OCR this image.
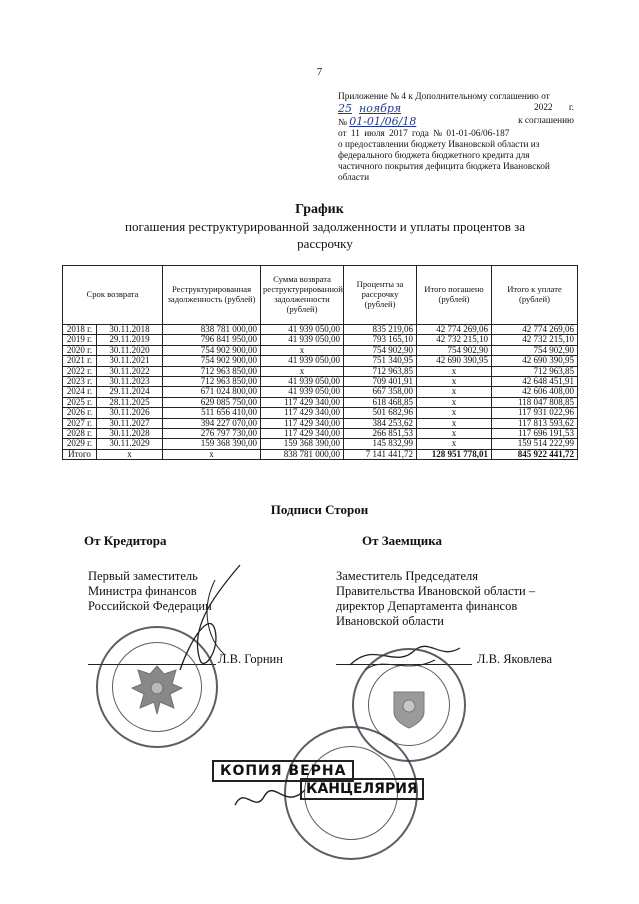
7
Приложение № 4 к Дополнительному соглашению от
25 ноября	2022 г.
№ 01-01/06/18	к соглашению
от 11 июля 2017 года № 01-01-06/06-187
о предоставлении бюджету Ивановской области из
федерального бюджета бюджетного кредита для
частичного покрытия дефицита бюджета Ивановской
области
График
погашения реструктурированной задолженности и уплаты процентов за рассрочку
Срок возврата		Реструктурированная задолженность (рублей)	Сумма возврата реструктурированной задолженности (рублей)	Проценты за рассрочку (рублей)	Итого погашено (рублей)	Итого к уплате (рублей)
2018 г.	30.11.2018	838 781 000,00	41 939 050,00	835 219,06	42 774 269,06	42 774 269,06
2019 г.	29.11.2019	796 841 950,00	41 939 050,00	793 165,10	42 732 215,10	42 732 215,10
2020 г.	30.11.2020	754 902 900,00	x	754 902,90	754 902,90	754 902,90
2021 г.	30.11.2021	754 902 900,00	41 939 050,00	751 340,95	42 690 390,95	42 690 390,95
2022 г.	30.11.2022	712 963 850,00	x	712 963,85	x	712 963,85
2023 г.	30.11.2023	712 963 850,00	41 939 050,00	709 401,91	x	42 648 451,91
2024 г.	29.11.2024	671 024 800,00	41 939 050,00	667 358,00	x	42 606 408,00
2025 г.	28.11.2025	629 085 750,00	117 429 340,00	618 468,85	x	118 047 808,85
2026 г.	30.11.2026	511 656 410,00	117 429 340,00	501 682,96	x	117 931 022,96
2027 г.	30.11.2027	394 227 070,00	117 429 340,00	384 253,62	x	117 813 593,62
2028 г.	30.11.2028	276 797 730,00	117 429 340,00	266 851,53	x	117 696 191,53
2029 г.	30.11.2029	159 368 390,00	159 368 390,00	145 832,99	x	159 514 222,99
Итого	x	x	838 781 000,00	7 141 441,72	128 951 778,01	845 922 441,72
Подписи Сторон
От Кредитора	От Заемщика
Первый заместитель
Министра финансов
Российской Федерации
Заместитель Председателя
Правительства Ивановской области –
директор Департамента финансов
Ивановской области
Л.В. Горнин	Л.В. Яковлева
КОПИЯ ВЕРНА
КАНЦЕЛЯРИЯ
